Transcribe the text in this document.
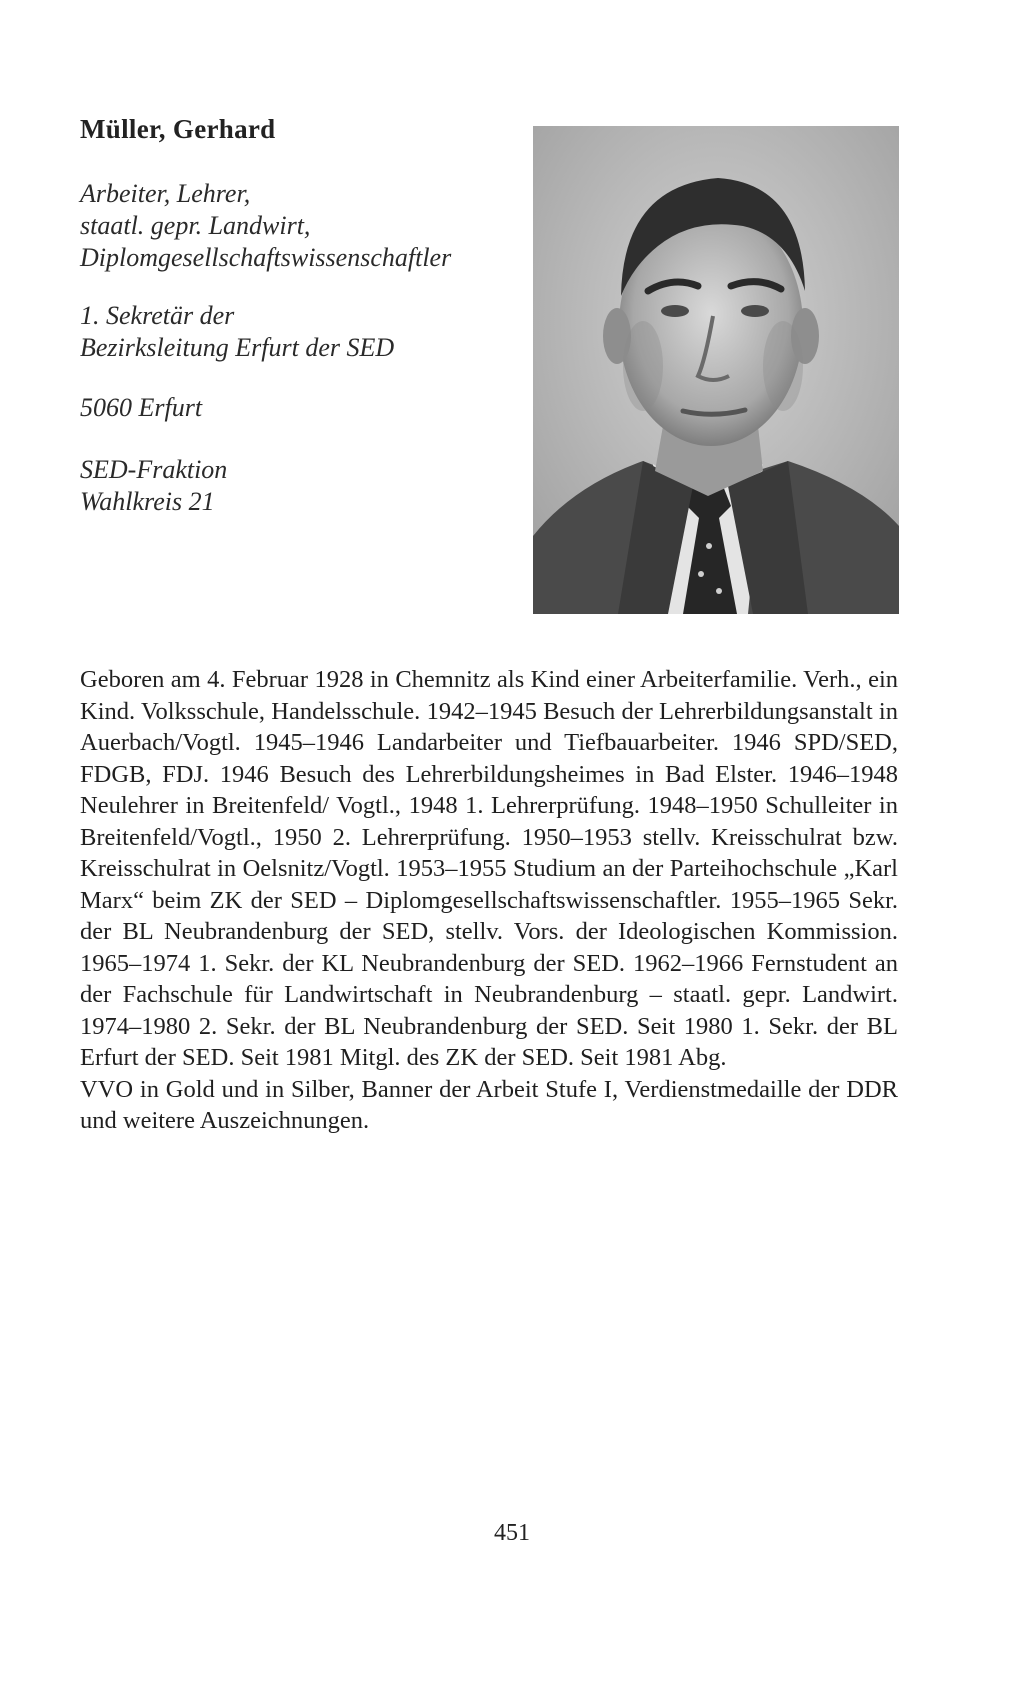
Müller, Gerhard
Arbeiter, Lehrer,
staatl. gepr. Landwirt,
Diplomgesellschaftswissenschaftler
1. Sekretär der
Bezirksleitung Erfurt der SED
5060 Erfurt
SED-Fraktion
Wahlkreis 21

Geboren am 4. Februar 1928 in Chemnitz als Kind einer Arbeiterfamilie. Verh., ein Kind. Volksschule, Handelsschule. 1942–1945 Besuch der Lehrerbildungsanstalt in Auerbach/Vogtl. 1945–1946 Landarbeiter und Tiefbauarbeiter. 1946 SPD/SED, FDGB, FDJ. 1946 Besuch des Lehrerbildungsheimes in Bad Elster. 1946–1948 Neulehrer in Breitenfeld/ Vogtl., 1948 1. Lehrerprüfung. 1948–1950 Schulleiter in Breitenfeld/Vogtl., 1950 2. Lehrerprüfung. 1950–1953 stellv. Kreisschulrat bzw. Kreisschulrat in Oelsnitz/Vogtl. 1953–1955 Studium an der Parteihochschule „Karl Marx“ beim ZK der SED – Diplomgesellschaftswissenschaftler. 1955–1965 Sekr. der BL Neubrandenburg der SED, stellv. Vors. der Ideologischen Kommission. 1965–1974 1. Sekr. der KL Neubrandenburg der SED. 1962–1966 Fernstudent an der Fachschule für Landwirtschaft in Neubrandenburg – staatl. gepr. Landwirt. 1974–1980 2. Sekr. der BL Neubrandenburg der SED. Seit 1980 1. Sekr. der BL Erfurt der SED. Seit 1981 Mitgl. des ZK der SED. Seit 1981 Abg.

VVO in Gold und in Silber, Banner der Arbeit Stufe I, Verdienstmedaille der DDR und weitere Auszeichnungen.

451
